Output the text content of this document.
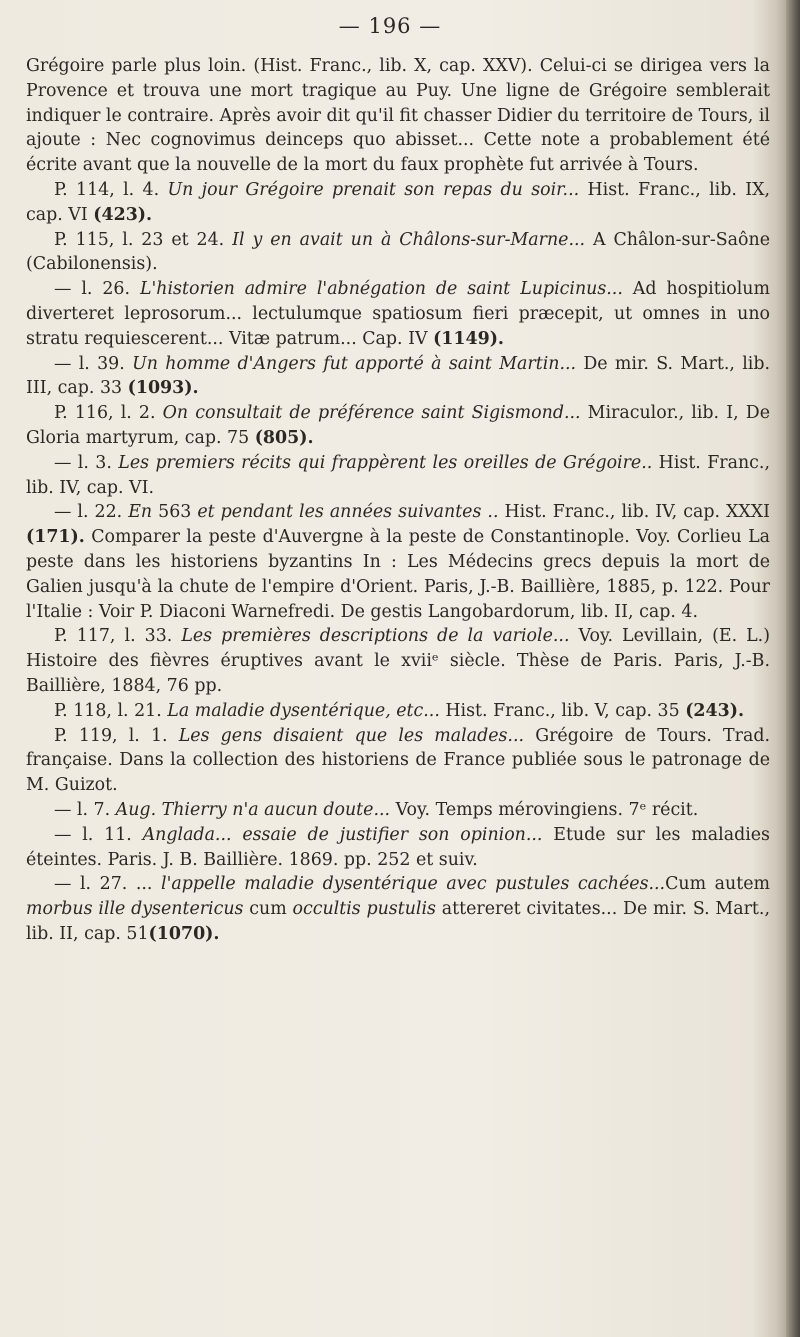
— 196 —

Grégoire parle plus loin. (Hist. Franc., lib. X, cap. XXV). Celui-ci se dirigea vers la Provence et trouva une mort tragique au Puy. Une ligne de Grégoire semblerait indiquer le contraire. Après avoir dit qu'il fit chasser Didier du territoire de Tours, il ajoute : Nec cognovimus deinceps quo abisset... Cette note a probablement été écrite avant que la nouvelle de la mort du faux prophète fut arrivée à Tours.

P. 114, l. 4. Un jour Grégoire prenait son repas du soir... Hist. Franc., lib. IX, cap. VI (423).

P. 115, l. 23 et 24. Il y en avait un à Châlons-sur-Marne... A Châlon-sur-Saône (Cabilonensis).

— l. 26. L'historien admire l'abnégation de saint Lupicinus... Ad hospitiolum diverteret leprosorum... lectulumque spatiosum fieri præcepit, ut omnes in uno stratu requiescerent... Vitæ patrum... Cap. IV (1149).

— l. 39. Un homme d'Angers fut apporté à saint Martin... De mir. S. Mart., lib. III, cap. 33 (1093).

P. 116, l. 2. On consultait de préférence saint Sigismond... Miraculor., lib. I, De Gloria martyrum, cap. 75 (805).

— l. 3. Les premiers récits qui frappèrent les oreilles de Grégoire.. Hist. Franc., lib. IV, cap. VI.

— l. 22. En 563 et pendant les années suivantes .. Hist. Franc., lib. IV, cap. XXXI (171). Comparer la peste d'Auvergne à la peste de Constantinople. Voy. Corlieu La peste dans les historiens byzantins In : Les Médecins grecs depuis la mort de Galien jusqu'à la chute de l'empire d'Orient. Paris, J.-B. Baillière, 1885, p. 122. Pour l'Italie : Voir P. Diaconi Warnefredi. De gestis Langobardorum, lib. II, cap. 4.

P. 117, l. 33. Les premières descriptions de la variole... Voy. Levillain, (E. L.) Histoire des fièvres éruptives avant le xviiᵉ siècle. Thèse de Paris. Paris, J.-B. Baillière, 1884, 76 pp.

P. 118, l. 21. La maladie dysentérique, etc... Hist. Franc., lib. V, cap. 35 (243).

P. 119, l. 1. Les gens disaient que les malades... Grégoire de Tours. Trad. française. Dans la collection des historiens de France publiée sous le patronage de M. Guizot.

— l. 7. Aug. Thierry n'a aucun doute... Voy. Temps mérovingiens. 7ᵉ récit.

— l. 11. Anglada... essaie de justifier son opinion... Etude sur les maladies éteintes. Paris. J. B. Baillière. 1869. pp. 252 et suiv.

— l. 27. ... l'appelle maladie dysentérique avec pustules cachées...Cum autem morbus ille dysentericus cum occultis pustulis attereret civitates... De mir. S. Mart., lib. II, cap. 51(1070).
